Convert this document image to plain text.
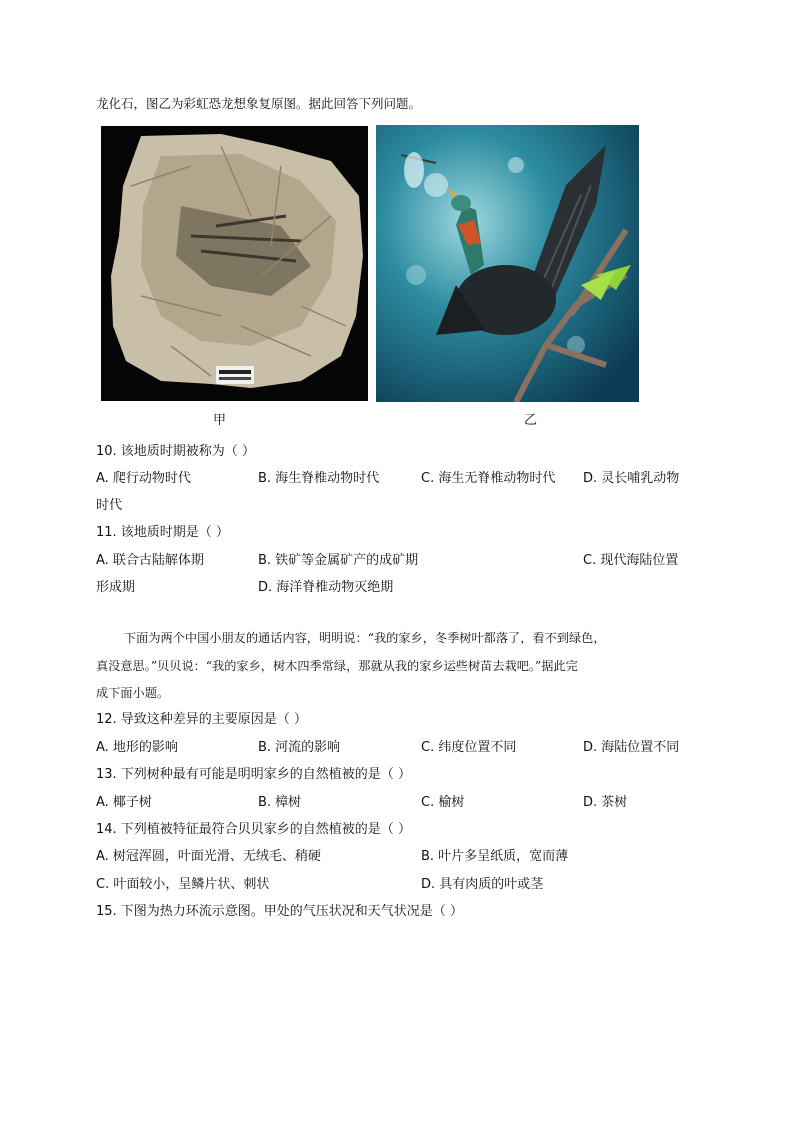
龙化石，图乙为彩虹恐龙想象复原图。据此回答下列问题。
甲	乙
10. 该地质时期被称为（ ）
A. 爬行动物时代	B. 海生脊椎动物时代	C. 海生无脊椎动物时代 D. 灵长哺乳动物
时代
11. 该地质时期是（ ）
A. 联合古陆解体期	B. 铁矿等金属矿产的成矿期	C. 现代海陆位置
形成期	D. 海洋脊椎动物灭绝期
下面为两个中国小朋友的通话内容，明明说：“我的家乡，冬季树叶都落了，看不到绿色，
真没意思。”贝贝说：“我的家乡，树木四季常绿，那就从我的家乡运些树苗去栽吧。”据此完
成下面小题。
12. 导致这种差异的主要原因是（ ）
A. 地形的影响	B. 河流的影响	C. 纬度位置不同	D. 海陆位置不同
13. 下列树种最有可能是明明家乡的自然植被的是（ ）
A. 椰子树	B. 樟树	C. 榆树	D. 茶树
14. 下列植被特征最符合贝贝家乡的自然植被的是（ ）
A. 树冠浑圆，叶面光滑、无绒毛、稍硬	B. 叶片多呈纸质，宽而薄
C. 叶面较小，呈鳞片状、刺状	D. 具有肉质的叶或茎
15. 下图为热力环流示意图。甲处的气压状况和天气状况是（ ）
